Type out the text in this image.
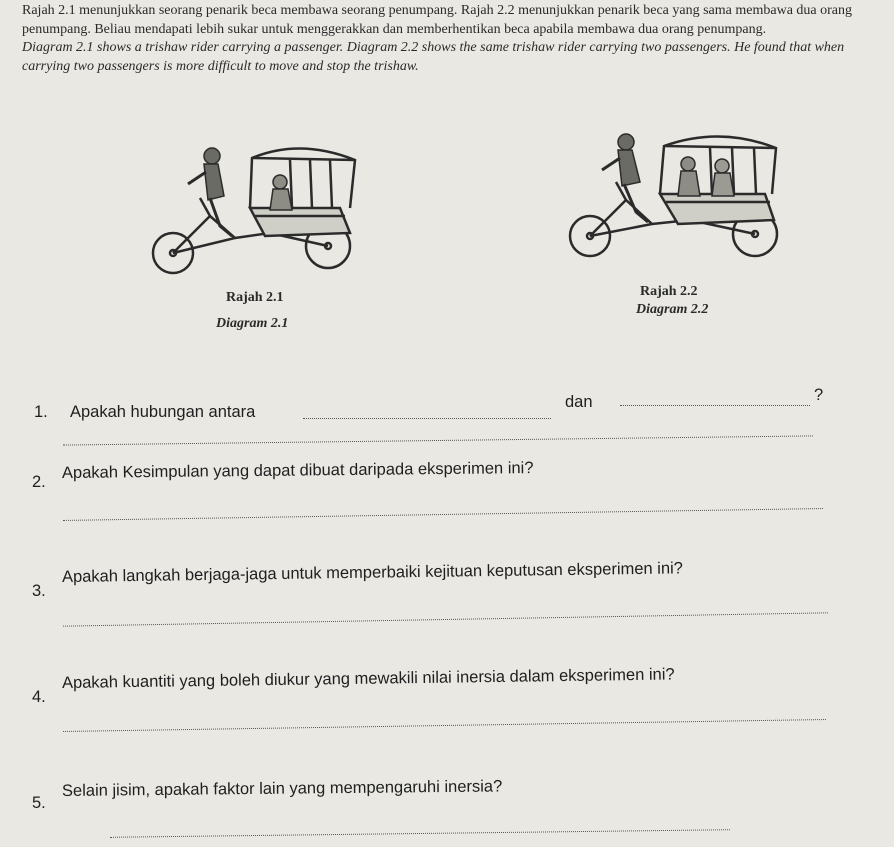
Rajah 2.1 menunjukkan seorang penarik beca membawa seorang penumpang. Rajah 2.2 menunjukkan penarik beca yang sama membawa dua orang penumpang. Beliau mendapati lebih sukar untuk menggerakkan dan memberhentikan beca apabila membawa dua orang penumpang.

Diagram 2.1 shows a trishaw rider carrying a passenger. Diagram 2.2 shows the same trishaw rider carrying two passengers. He found that when carrying two passengers is more difficult to move and stop the trishaw.

Rajah 2.1
Diagram 2.1
Rajah 2.2
Diagram 2.2
1. Apakah hubungan antara
dan	?
2.
Apakah Kesimpulan yang dapat dibuat daripada eksperimen ini?
3.
Apakah langkah berjaga-jaga untuk memperbaiki kejituan keputusan eksperimen ini?
4.
Apakah kuantiti yang boleh diukur yang mewakili nilai inersia dalam eksperimen ini?
5.
Selain jisim, apakah faktor lain yang mempengaruhi inersia?
